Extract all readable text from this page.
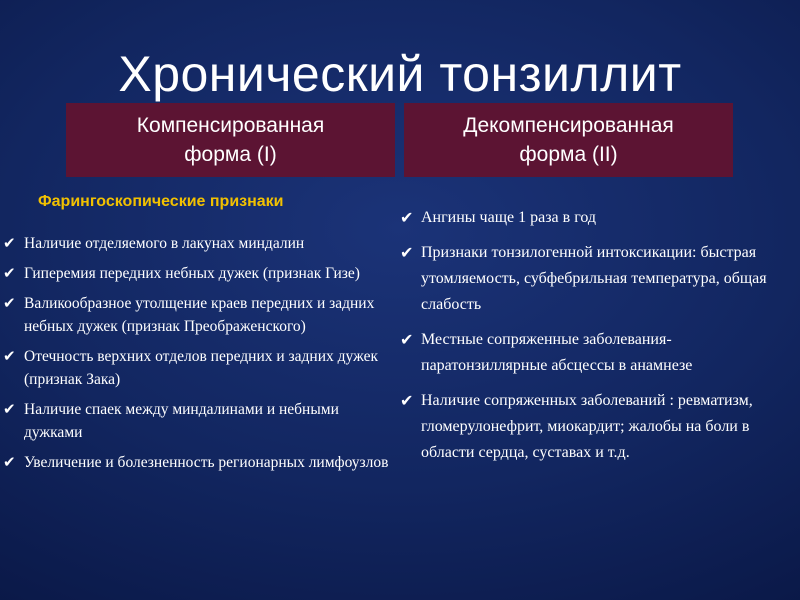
Хронический тонзиллит
Компенсированная
форма (I)
Декомпенсированная
форма (II)
Фарингоскопические признаки
✔ Наличие отделяемого в лакунах миндалин
✔ Гиперемия передних небных дужек (признак Гизе)
✔ Валикообразное утолщение краев передних и задних небных дужек (признак Преображенского)
✔ Отечность верхних отделов передних и задних дужек (признак Зака)
✔ Наличие спаек между миндалинами и небными дужками
✔ Увеличение и болезненность регионарных лимфоузлов
✔ Ангины чаще 1 раза в год
✔ Признаки тонзилогенной интоксикации: быстрая утомляемость, субфебрильная температура, общая слабость
✔ Местные сопряженные заболевания- паратонзиллярные абсцессы в анамнезе
✔ Наличие сопряженных заболеваний : ревматизм, гломерулонефрит, миокардит; жалобы на боли в области сердца, суставах и т.д.
